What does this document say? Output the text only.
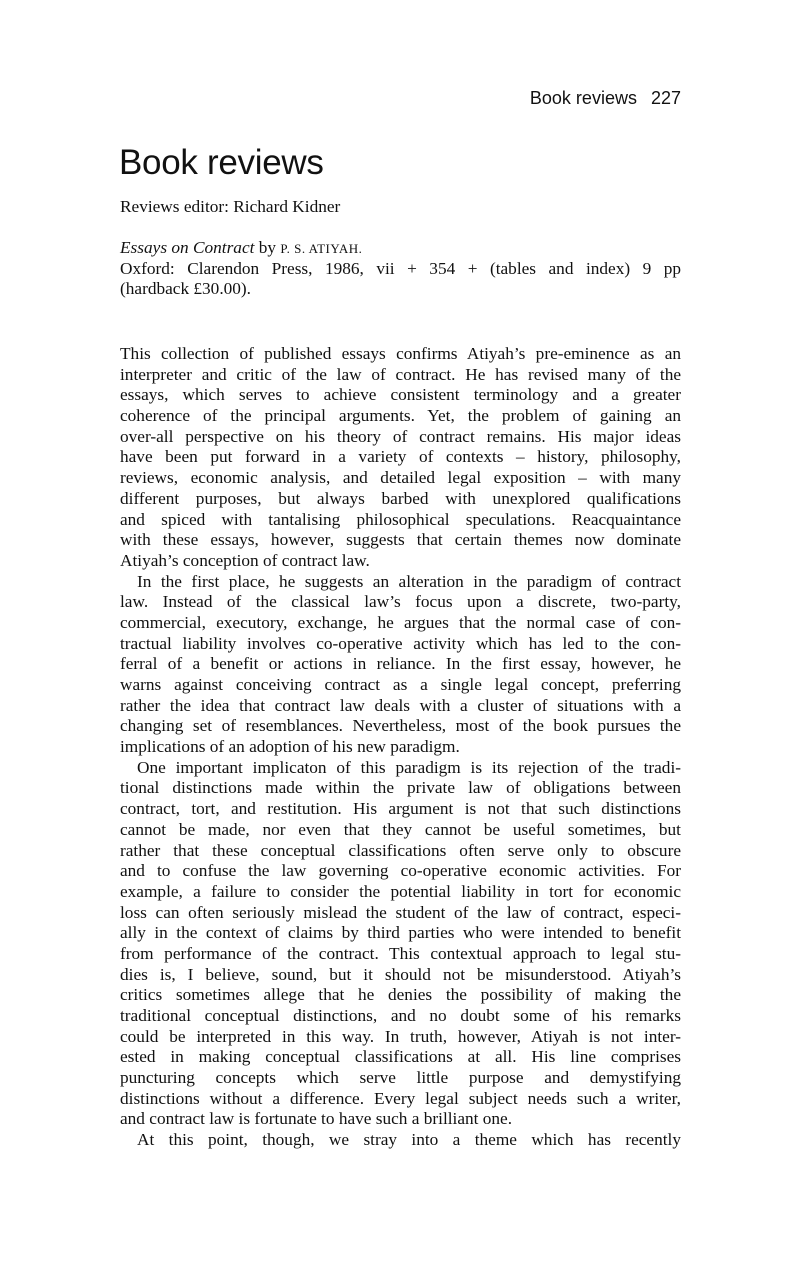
Book reviews 227
Book reviews
Reviews editor: Richard Kidner
Essays on Contract by P. S. ATIYAH.
Oxford: Clarendon Press, 1986, vii + 354 + (tables and index) 9 pp
(hardback £30.00).
This collection of published essays confirms Atiyah’s pre-eminence as an
interpreter and critic of the law of contract. He has revised many of the
essays, which serves to achieve consistent terminology and a greater
coherence of the principal arguments. Yet, the problem of gaining an
over-all perspective on his theory of contract remains. His major ideas
have been put forward in a variety of contexts – history, philosophy,
reviews, economic analysis, and detailed legal exposition – with many
different purposes, but always barbed with unexplored qualifications
and spiced with tantalising philosophical speculations. Reacquaintance
with these essays, however, suggests that certain themes now dominate
Atiyah’s conception of contract law.
In the first place, he suggests an alteration in the paradigm of contract
law. Instead of the classical law’s focus upon a discrete, two-party,
commercial, executory, exchange, he argues that the normal case of con-
tractual liability involves co-operative activity which has led to the con-
ferral of a benefit or actions in reliance. In the first essay, however, he
warns against conceiving contract as a single legal concept, preferring
rather the idea that contract law deals with a cluster of situations with a
changing set of resemblances. Nevertheless, most of the book pursues the
implications of an adoption of his new paradigm.
One important implicaton of this paradigm is its rejection of the tradi-
tional distinctions made within the private law of obligations between
contract, tort, and restitution. His argument is not that such distinctions
cannot be made, nor even that they cannot be useful sometimes, but
rather that these conceptual classifications often serve only to obscure
and to confuse the law governing co-operative economic activities. For
example, a failure to consider the potential liability in tort for economic
loss can often seriously mislead the student of the law of contract, especi-
ally in the context of claims by third parties who were intended to benefit
from performance of the contract. This contextual approach to legal stu-
dies is, I believe, sound, but it should not be misunderstood. Atiyah’s
critics sometimes allege that he denies the possibility of making the
traditional conceptual distinctions, and no doubt some of his remarks
could be interpreted in this way. In truth, however, Atiyah is not inter-
ested in making conceptual classifications at all. His line comprises
puncturing concepts which serve little purpose and demystifying
distinctions without a difference. Every legal subject needs such a writer,
and contract law is fortunate to have such a brilliant one.
At this point, though, we stray into a theme which has recently
